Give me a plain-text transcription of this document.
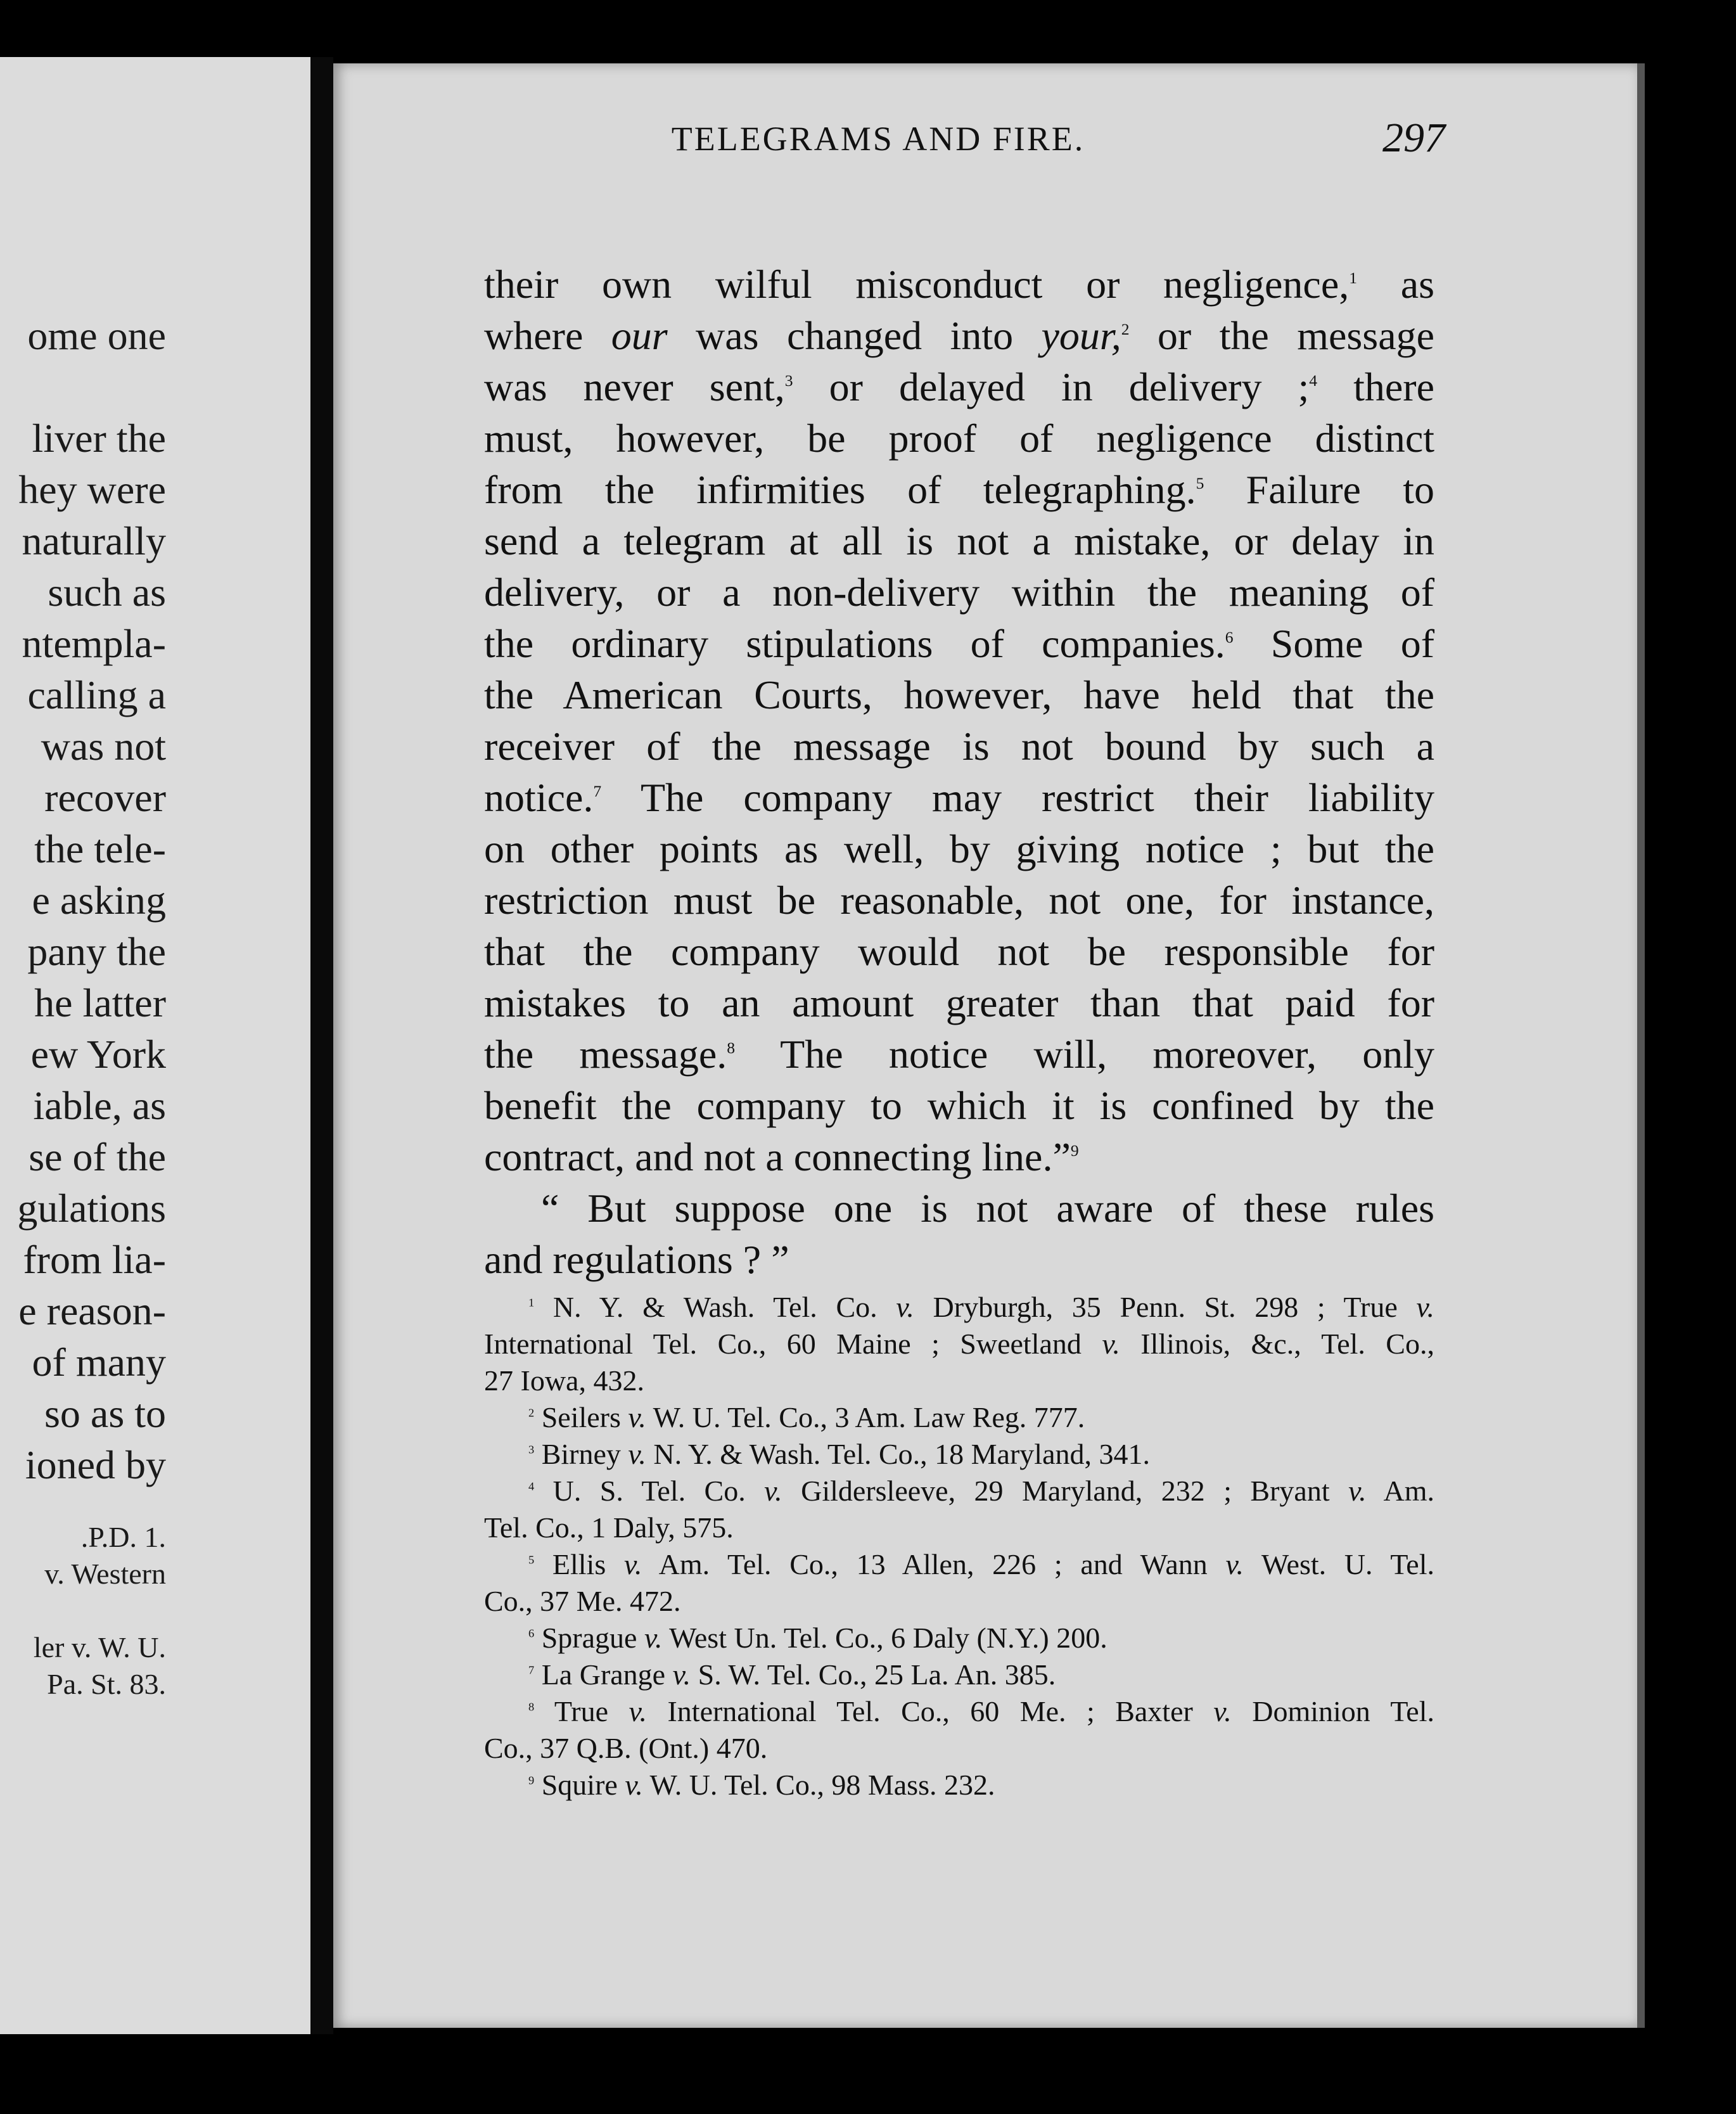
ome one
liver the
hey were
naturally
such as
ntempla-
calling a
was not
recover
the tele-
e asking
pany the
he latter
ew York
iable, as
se of the
gulations
from lia-
e reason-
of many
so as to
ioned by
.P.D. 1.
v. Western
ler v. W. U.
Pa. St. 83.
TELEGRAMS AND FIRE.	297
their own wilful misconduct or negligence,$^1$ as
where our was changed into your,$^2$ or the message
was never sent,$^3$ or delayed in delivery ;$^4$ there
must, however, be proof of negligence distinct
from the infirmities of telegraphing.$^5$ Failure to
send a telegram at all is not a mistake, or delay in
delivery, or a non-delivery within the meaning of
the ordinary stipulations of companies.$^6$ Some of
the American Courts, however, have held that the
receiver of the message is not bound by such a
notice.$^7$ The company may restrict their liability
on other points as well, by giving notice ; but the
restriction must be reasonable, not one, for instance,
that the company would not be responsible for
mistakes to an amount greater than that paid for
the message.$^8$ The notice will, moreover, only
benefit the company to which it is confined by the
contract, and not a connecting line.”$^9$
“ But suppose one is not aware of these rules
and regulations ? ”
$^1$ N. Y. & Wash. Tel. Co. v. Dryburgh, 35 Penn. St. 298 ; True v.
International Tel. Co., 60 Maine ; Sweetland v. Illinois, &c., Tel. Co.,
27 Iowa, 432.
$^2$ Seilers v. W. U. Tel. Co., 3 Am. Law Reg. 777.
$^3$ Birney v. N. Y. & Wash. Tel. Co., 18 Maryland, 341.
$^4$ U. S. Tel. Co. v. Gildersleeve, 29 Maryland, 232 ; Bryant v. Am.
Tel. Co., 1 Daly, 575.
$^5$ Ellis v. Am. Tel. Co., 13 Allen, 226 ; and Wann v. West. U. Tel.
Co., 37 Me. 472.
$^6$ Sprague v. West Un. Tel. Co., 6 Daly (N.Y.) 200.
$^7$ La Grange v. S. W. Tel. Co., 25 La. An. 385.
$^8$ True v. International Tel. Co., 60 Me. ; Baxter v. Dominion Tel.
Co., 37 Q.B. (Ont.) 470.
$^9$ Squire v. W. U. Tel. Co., 98 Mass. 232.
